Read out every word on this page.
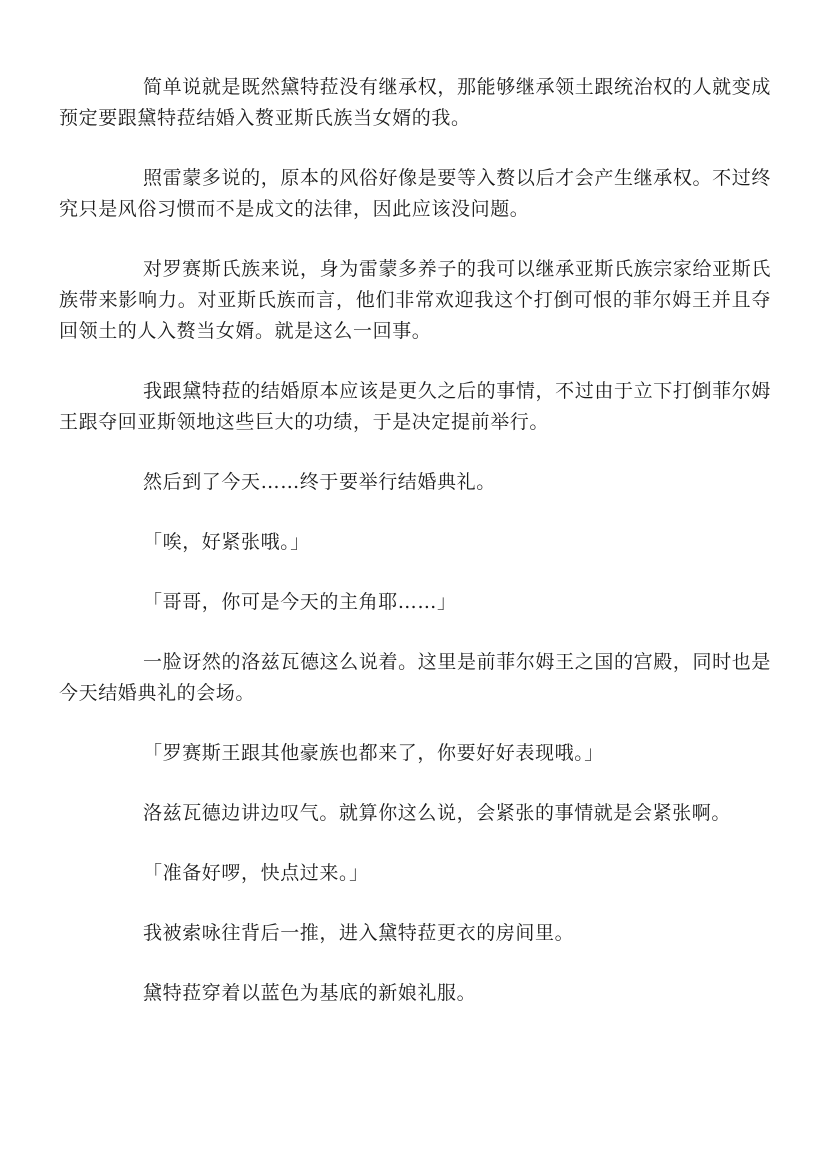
简单说就是既然黛特菈没有继承权，那能够继承领土跟统治权的人就变成预定要跟黛特菈结婚入赘亚斯氏族当女婿的我。

照雷蒙多说的，原本的风俗好像是要等入赘以后才会产生继承权。不过终究只是风俗习惯而不是成文的法律，因此应该没问题。

对罗赛斯氏族来说，身为雷蒙多养子的我可以继承亚斯氏族宗家给亚斯氏族带来影响力。对亚斯氏族而言，他们非常欢迎我这个打倒可恨的菲尔姆王并且夺回领土的人入赘当女婿。就是这么一回事。

我跟黛特菈的结婚原本应该是更久之后的事情，不过由于立下打倒菲尔姆王跟夺回亚斯领地这些巨大的功绩，于是决定提前举行。

然后到了今天……终于要举行结婚典礼。

「唉，好紧张哦。」

「哥哥，你可是今天的主角耶……」

一脸讶然的洛兹瓦德这么说着。这里是前菲尔姆王之国的宫殿，同时也是今天结婚典礼的会场。

「罗赛斯王跟其他豪族也都来了，你要好好表现哦。」

洛兹瓦德边讲边叹气。就算你这么说，会紧张的事情就是会紧张啊。

「准备好啰，快点过来。」

我被索咏往背后一推，进入黛特菈更衣的房间里。

黛特菈穿着以蓝色为基底的新娘礼服。
